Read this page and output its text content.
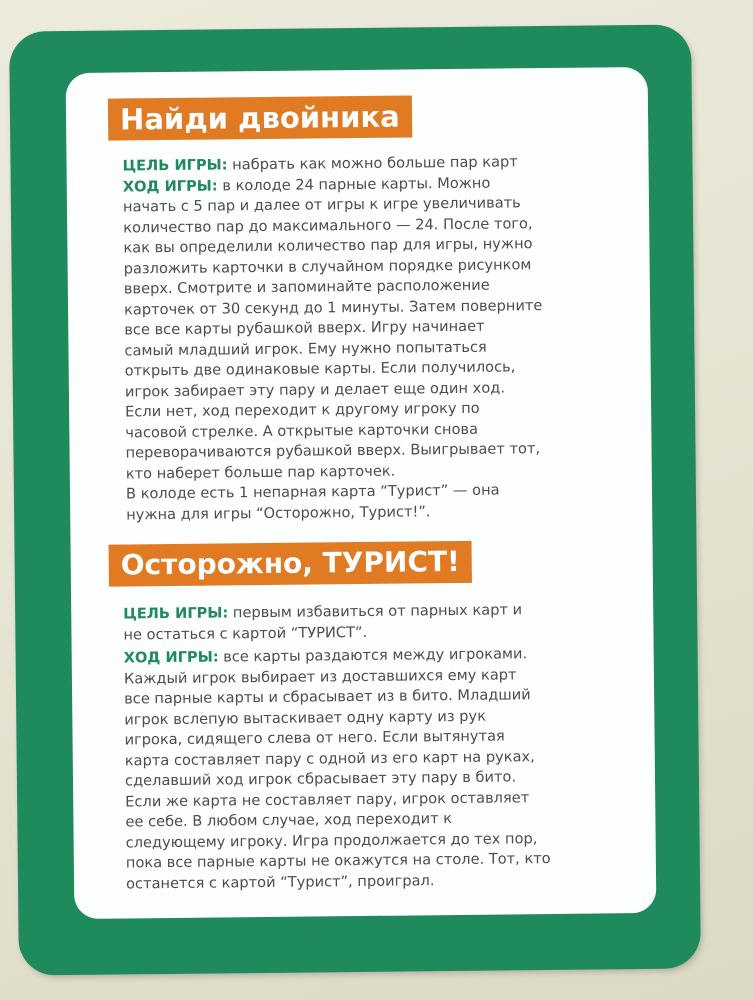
Найди двойника
ЦЕЛЬ ИГРЫ: набрать как можно больше пар карт
ХОД ИГРЫ: в колоде 24 парные карты. Можно
начать с 5 пар и далее от игры к игре увеличивать
количество пар до максимального — 24. После того,
как вы определили количество пар для игры, нужно
разложить карточки в случайном порядке рисунком
вверх. Смотрите и запоминайте расположение
карточек от 30 секунд до 1 минуты. Затем поверните
все все карты рубашкой вверх. Игру начинает
самый младший игрок. Ему нужно попытаться
открыть две одинаковые карты. Если получилось,
игрок забирает эту пару и делает еще один ход.
Если нет, ход переходит к другому игроку по
часовой стрелке. А открытые карточки снова
переворачиваются рубашкой вверх. Выигрывает тот,
кто наберет больше пар карточек.
В колоде есть 1 непарная карта “Турист” — она
нужна для игры “Осторожно, Турист!”.
Осторожно, ТУРИСТ!
ЦЕЛЬ ИГРЫ: первым избавиться от парных карт и
не остаться с картой “ТУРИСТ”.
ХОД ИГРЫ: все карты раздаются между игроками.
Каждый игрок выбирает из доставшихся ему карт
все парные карты и сбрасывает из в бито. Младший
игрок вслепую вытаскивает одну карту из рук
игрока, сидящего слева от него. Если вытянутая
карта составляет пару с одной из его карт на руках,
сделавший ход игрок сбрасывает эту пару в бито.
Если же карта не составляет пару, игрок оставляет
ее себе. В любом случае, ход переходит к
следующему игроку. Игра продолжается до тех пор,
пока все парные карты не окажутся на столе. Тот, кто
останется с картой “Турист”, проиграл.
